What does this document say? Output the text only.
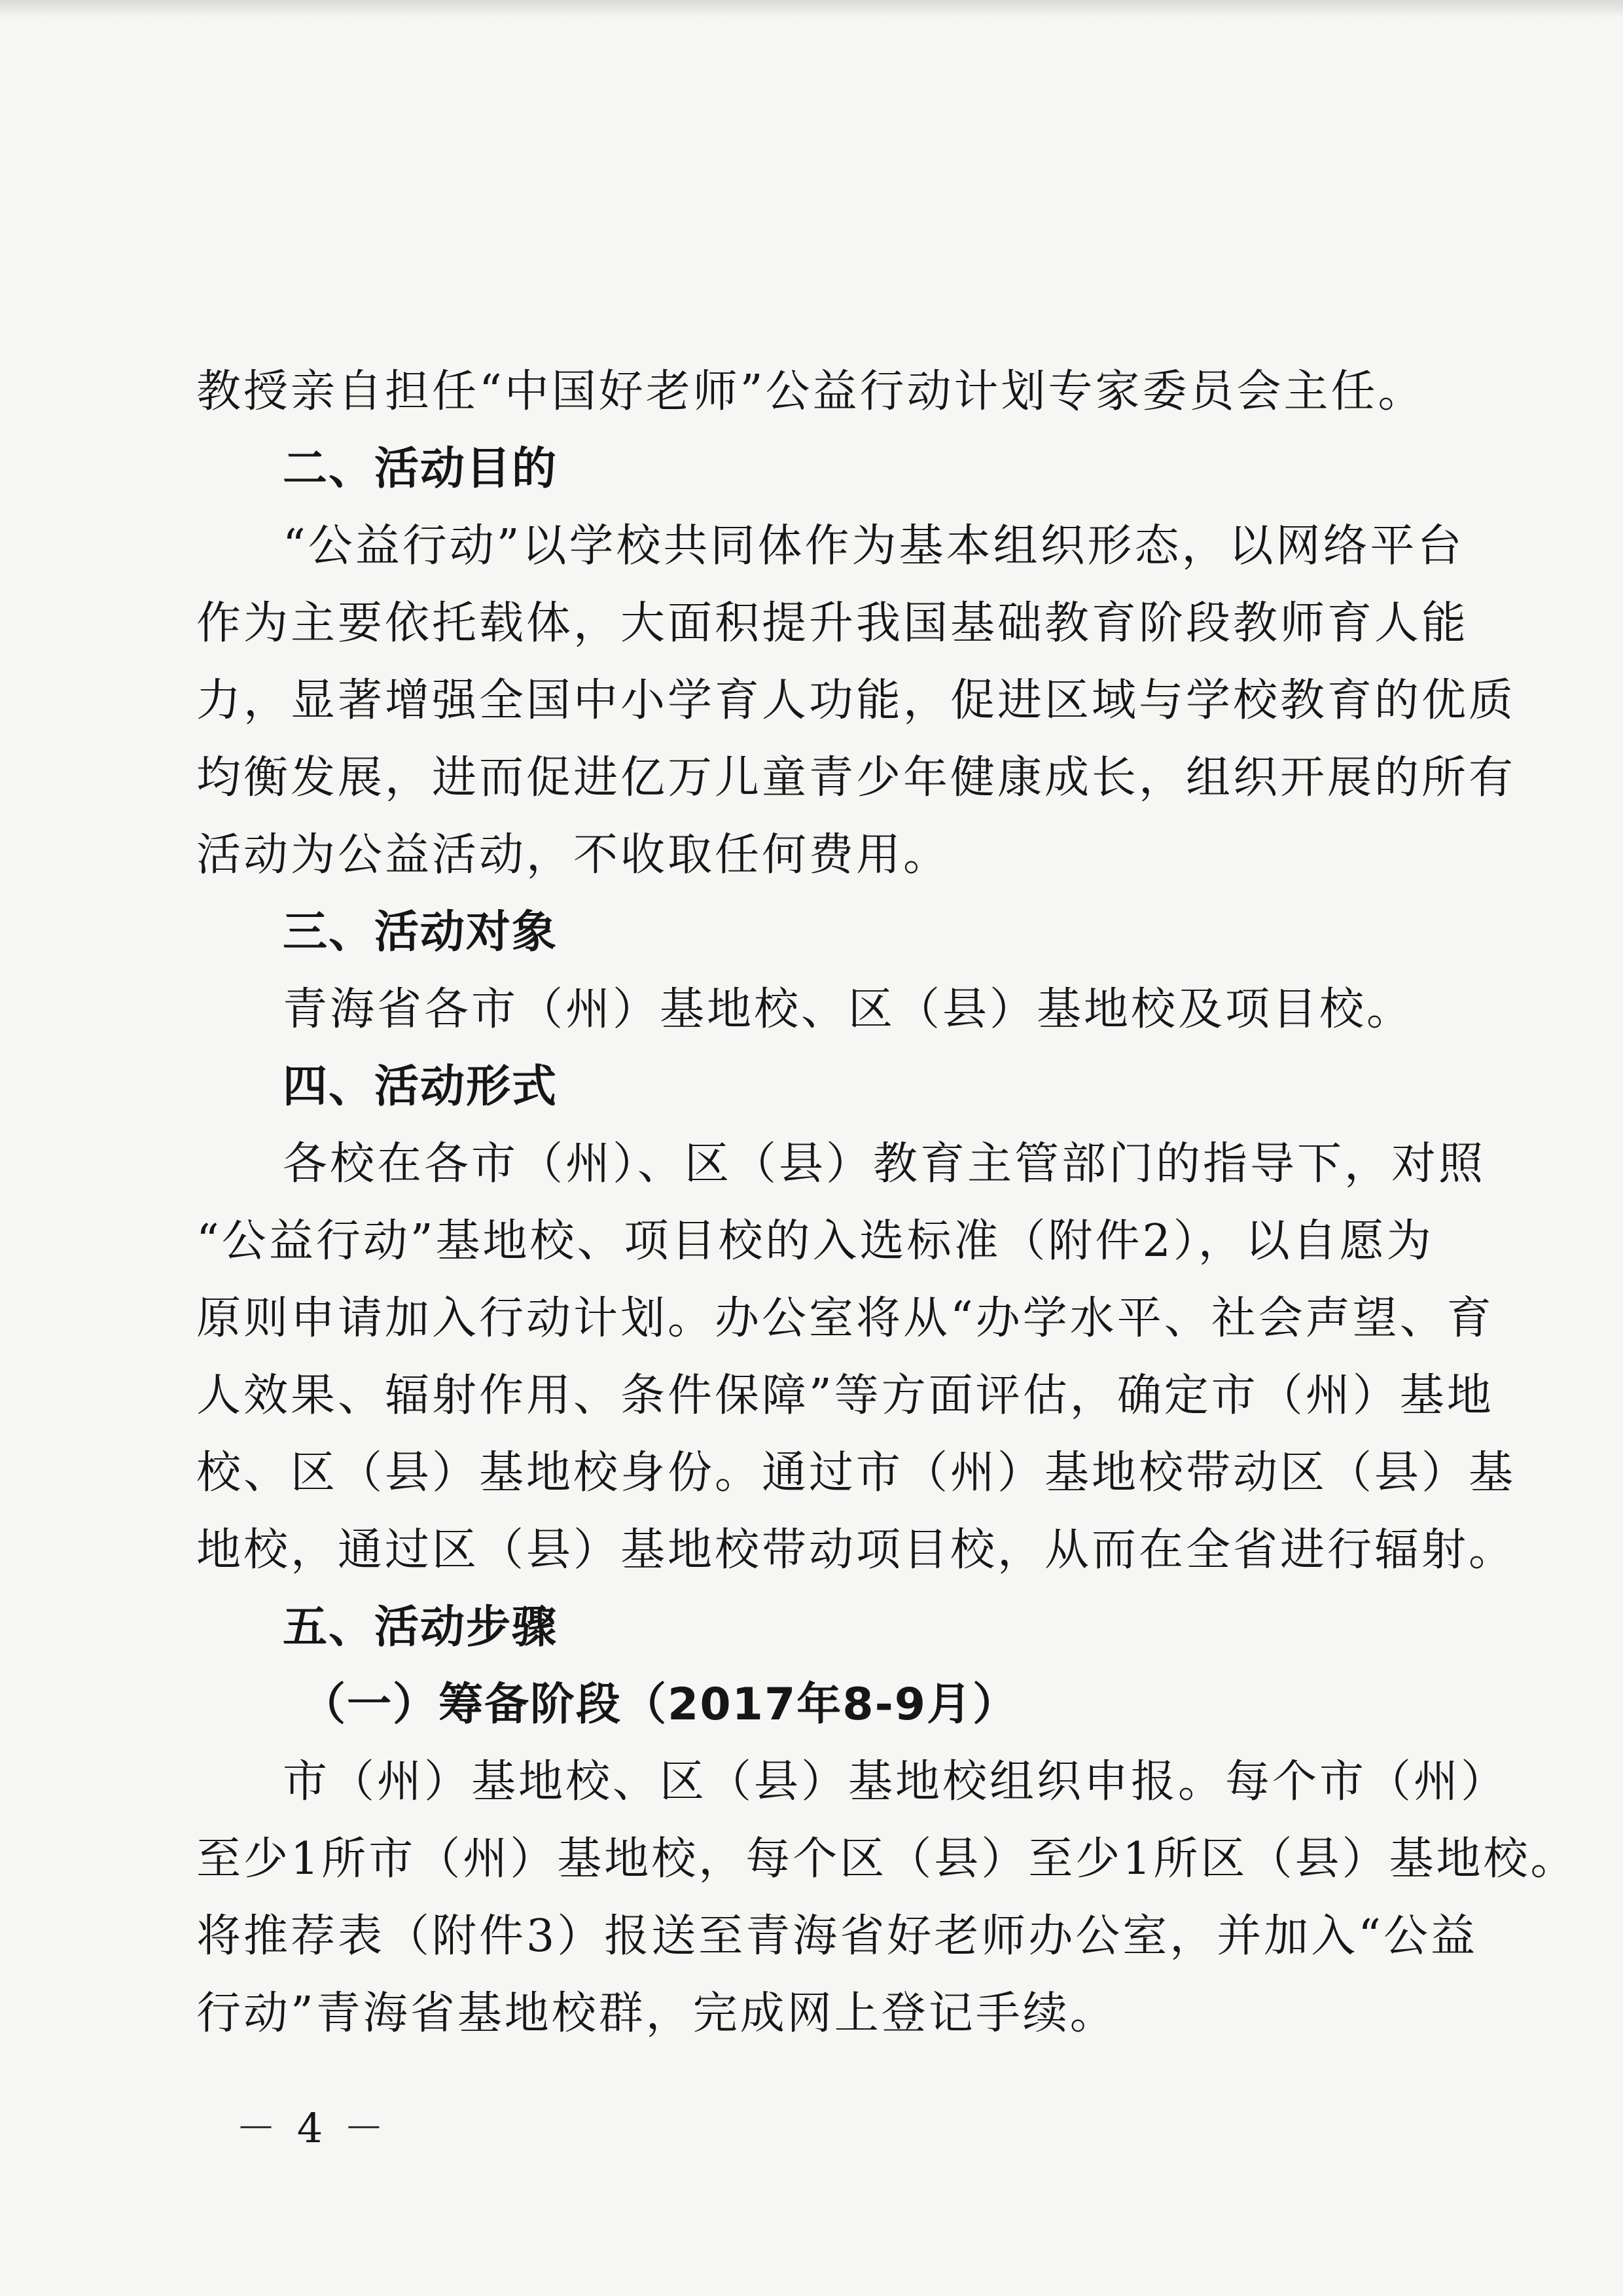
教授亲自担任“中国好老师”公益行动计划专家委员会主任。
二、活动目的
“公益行动”以学校共同体作为基本组织形态，以网络平台
作为主要依托载体，大面积提升我国基础教育阶段教师育人能
力，显著增强全国中小学育人功能，促进区域与学校教育的优质
均衡发展，进而促进亿万儿童青少年健康成长，组织开展的所有
活动为公益活动，不收取任何费用。
三、活动对象
青海省各市（州）基地校、区（县）基地校及项目校。
四、活动形式
各校在各市（州）、区（县）教育主管部门的指导下，对照
“公益行动”基地校、项目校的入选标准（附件2），以自愿为
原则申请加入行动计划。办公室将从“办学水平、社会声望、育
人效果、辐射作用、条件保障”等方面评估，确定市（州）基地
校、区（县）基地校身份。通过市（州）基地校带动区（县）基
地校，通过区（县）基地校带动项目校，从而在全省进行辐射。
五、活动步骤
（一）筹备阶段（2017年8-9月）
市（州）基地校、区（县）基地校组织申报。每个市（州）
至少1所市（州）基地校，每个区（县）至少1所区（县）基地校。
将推荐表（附件3）报送至青海省好老师办公室，并加入“公益
行动”青海省基地校群，完成网上登记手续。
－ 4 －
